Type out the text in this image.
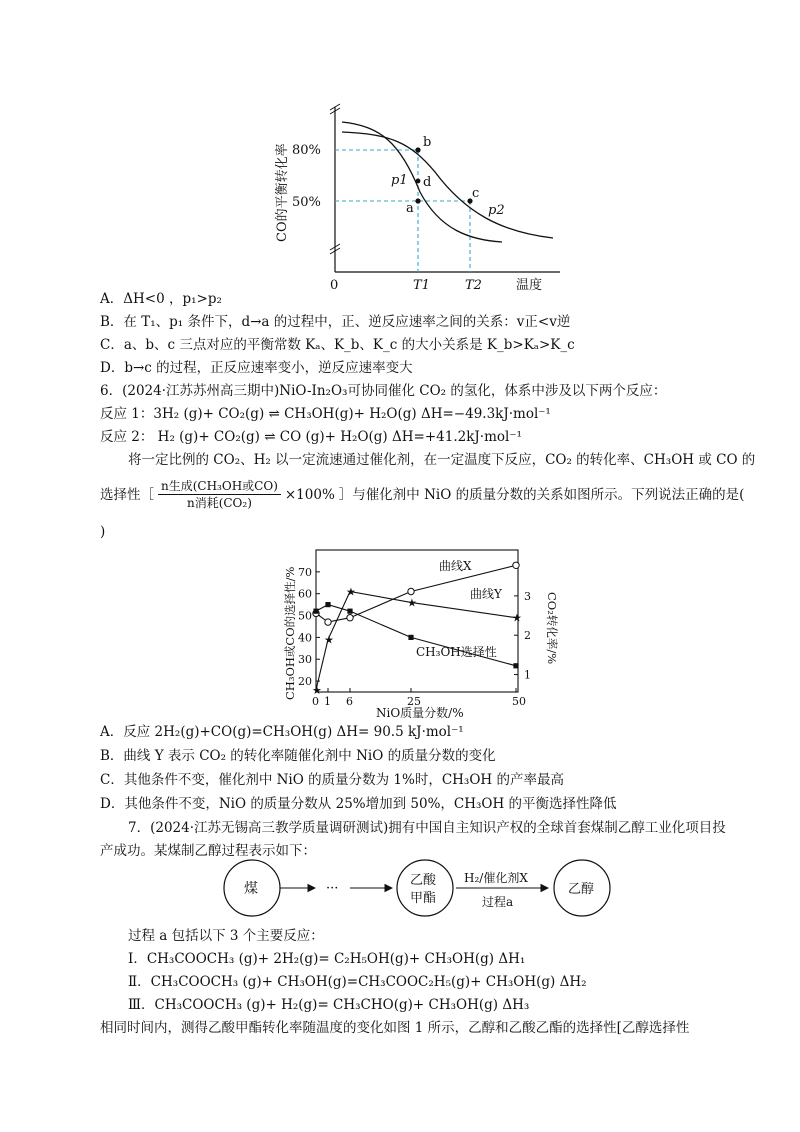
80%
50%
0	T1	T2	温度
b
d
a
c
p1
p2
CO的平衡转化率
A．ΔH<0 ，p₁>p₂
B．在 T₁、p₁ 条件下，d→a 的过程中，正、逆反应速率之间的关系：v正<v逆
C．a、b、c 三点对应的平衡常数 Kₐ、K_b、K_c 的大小关系是 K_b>Kₐ>K_c
D．b→c 的过程，正反应速率变小，逆反应速率变大
6．(2024·江苏苏州高三期中)NiO-In₂O₃可协同催化 CO₂ 的氢化，体系中涉及以下两个反应：
反应 1：3H₂ (g)+ CO₂(g) ⇌ CH₃OH(g)+ H₂O(g) ΔH=−49.3kJ·mol⁻¹
反应 2： H₂ (g)+ CO₂(g) ⇌ CO (g)+ H₂O(g) ΔH=+41.2kJ·mol⁻¹
将一定比例的 CO₂、H₂ 以一定流速通过催化剂，在一定温度下反应，CO₂ 的转化率、CH₃OH 或 CO 的
选择性［
n生成(CH₃OH或CO)
n消耗(CO₂)
×100% ］与催化剂中 NiO 的质量分数的关系如图所示。下列说法正确的是(
)
CH₃OH或CO的选择性/%	CO₂转化率/%
NiO质量分数/%
曲线X
曲线Y
CH₃OH选择性
20
30
40
50
60
70
1
2
3
0 1 6	25	50
★
★
★
★
★
A．反应 2H₂(g)+CO(g)=CH₃OH(g) ΔH= 90.5 kJ·mol⁻¹
B．曲线 Y 表示 CO₂ 的转化率随催化剂中 NiO 的质量分数的变化
C．其他条件不变，催化剂中 NiO 的质量分数为 1%时，CH₃OH 的产率最高
D．其他条件不变，NiO 的质量分数从 25%增加到 50%，CH₃OH 的平衡选择性降低
7．(2024·江苏无锡高三教学质量调研测试)拥有中国自主知识产权的全球首套煤制乙醇工业化项目投
产成功。某煤制乙醇过程表示如下：
煤	···
乙酸
甲酯
H₂/催化剂X
过程a
乙醇
过程 a 包括以下 3 个主要反应：
I．CH₃COOCH₃ (g)+ 2H₂(g)= C₂H₅OH(g)+ CH₃OH(g) ΔH₁
Ⅱ．CH₃COOCH₃ (g)+ CH₃OH(g)=CH₃COOC₂H₅(g)+ CH₃OH(g) ΔH₂
Ⅲ．CH₃COOCH₃ (g)+ H₂(g)= CH₃CHO(g)+ CH₃OH(g) ΔH₃
相同时间内，测得乙酸甲酯转化率随温度的变化如图 1 所示，乙醇和乙酸乙酯的选择性[乙醇选择性
